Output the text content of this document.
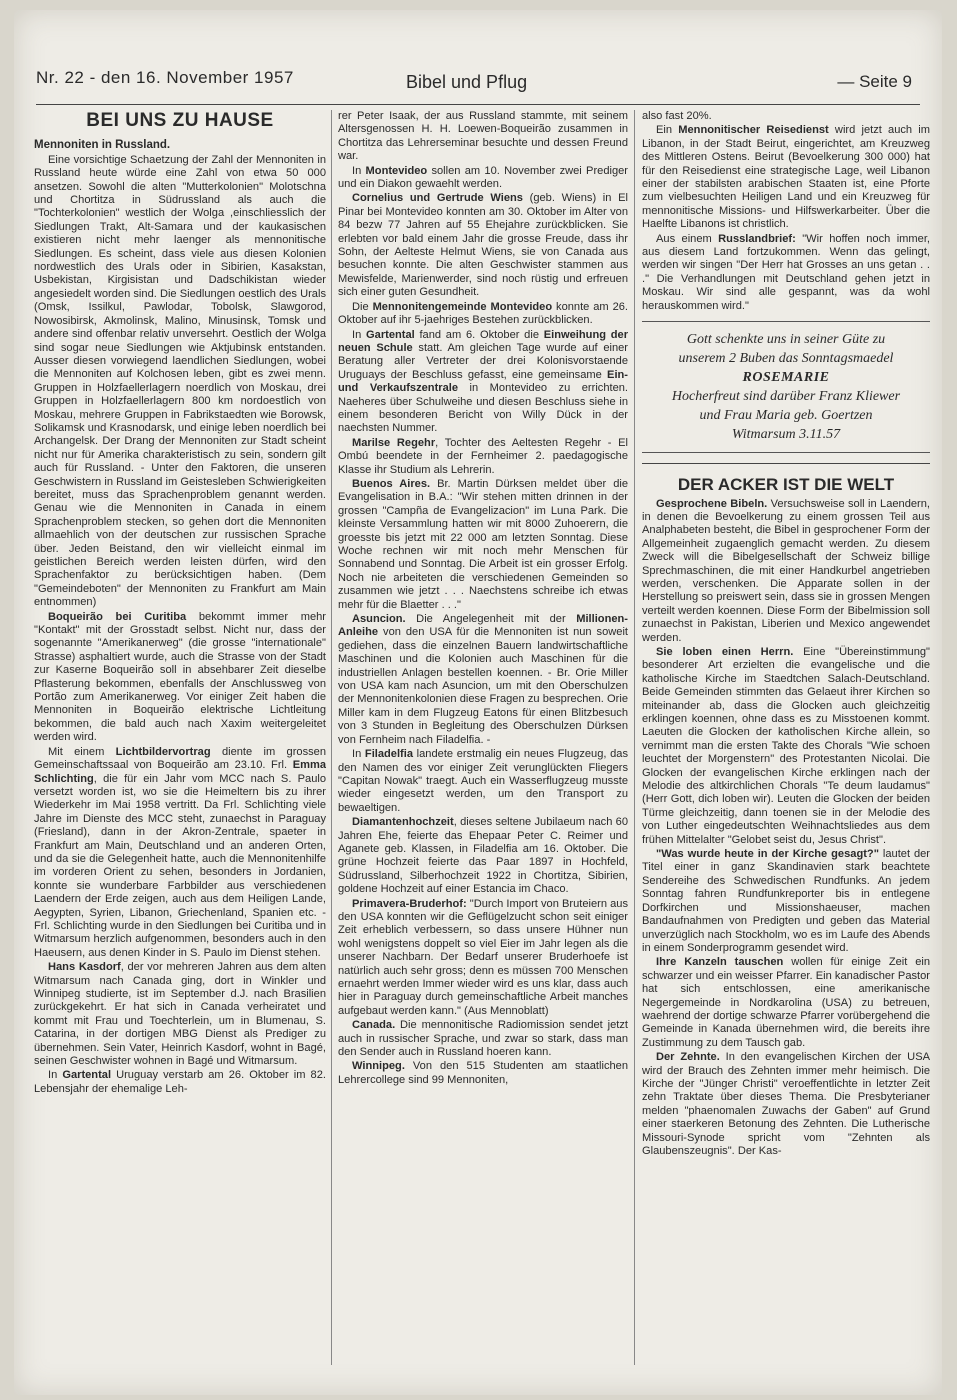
Nr. 22 - den 16. November 1957	Bibel und Pflug	— Seite 9
BEI UNS ZU HAUSE
Mennoniten in Russland.

Eine vorsichtige Schaetzung der Zahl der Mennoniten in Russland heute würde eine Zahl von etwa 50 000 ansetzen. Sowohl die alten "Mutterkolonien" Molotschna und Chortitza in Südrussland als auch die "Tochterkolonien" westlich der Wolga ,einschliesslich der Siedlungen Trakt, Alt-Samara und der kaukasischen existieren nicht mehr laenger als mennonitische Siedlungen. Es scheint, dass viele aus diesen Kolonien nordwestlich des Urals oder in Sibirien, Kasakstan, Usbekistan, Kirgisistan und Dadschikistan wieder angesiedelt worden sind. Die Siedlungen oestlich des Urals (Omsk, Issilkul, Pawlodar, Tobolsk, Slawgorod, Nowosibirsk, Akmolinsk, Malino, Minusinsk, Tomsk und andere sind offenbar relativ unversehrt. Oestlich der Wolga sind sogar neue Siedlungen wie Aktjubinsk entstanden. Ausser diesen vorwiegend laendlichen Siedlungen, wobei die Mennoniten auf Kolchosen leben, gibt es zwei menn. Gruppen in Holzfaellerlagern noerdlich von Moskau, drei Gruppen in Holzfaellerlagern 800 km nordoestlich von Moskau, mehrere Gruppen in Fabrikstaedten wie Borowsk, Solikamsk und Krasnodarsk, und einige leben noerdlich bei Archangelsk. Der Drang der Mennoniten zur Stadt scheint nicht nur für Amerika charakteristisch zu sein, sondern gilt auch für Russland. - Unter den Faktoren, die unseren Geschwistern in Russland im Geistesleben Schwierigkeiten bereitet, muss das Sprachenproblem genannt werden. Genau wie die Mennoniten in Canada in einem Sprachenproblem stecken, so gehen dort die Mennoniten allmaehlich von der deutschen zur russischen Sprache über. Jeden Beistand, den wir vielleicht einmal im geistlichen Bereich werden leisten dürfen, wird den Sprachenfaktor zu berücksichtigen haben. (Dem "Gemeindeboten" der Mennoniten zu Frankfurt am Main entnommen)

Boqueirão bei Curitiba bekommt immer mehr "Kontakt" mit der Grosstadt selbst. Nicht nur, dass der sogenannte "Amerikanerweg" (die grosse "internationale" Strasse) asphaltiert wurde, auch die Strasse von der Stadt zur Kaserne Boqueirão soll in absehbarer Zeit dieselbe Pflasterung bekommen, ebenfalls der Anschlussweg von Portão zum Amerikanerweg. Vor einiger Zeit haben die Mennoniten in Boqueirão elektrische Lichtleitung bekommen, die bald auch nach Xaxim weitergeleitet werden wird.

Mit einem Lichtbildervortrag diente im grossen Gemeinschaftssaal von Boqueirão am 23.10. Frl. Emma Schlichting, die für ein Jahr vom MCC nach S. Paulo versetzt worden ist, wo sie die Heimeltern bis zu ihrer Wiederkehr im Mai 1958 vertritt. Da Frl. Schlichting viele Jahre im Dienste des MCC steht, zunaechst in Paraguay (Friesland), dann in der Akron-Zentrale, spaeter in Frankfurt am Main, Deutschland und an anderen Orten, und da sie die Gelegenheit hatte, auch die Mennonitenhilfe im vorderen Orient zu sehen, besonders in Jordanien, konnte sie wunderbare Farbbilder aus verschiedenen Laendern der Erde zeigen, auch aus dem Heiligen Lande, Aegypten, Syrien, Libanon, Griechenland, Spanien etc. - Frl. Schlichting wurde in den Siedlungen bei Curitiba und in Witmarsum herzlich aufgenommen, besonders auch in den Haeusern, aus denen Kinder in S. Paulo im Dienst stehen.

Hans Kasdorf, der vor mehreren Jahren aus dem alten Witmarsum nach Canada ging, dort in Winkler und Winnipeg studierte, ist im September d.J. nach Brasilien zurückgekehrt. Er hat sich in Canada verheiratet und kommt mit Frau und Toechterlein, um in Blumenau, S. Catarina, in der dortigen MBG Dienst als Prediger zu übernehmen. Sein Vater, Heinrich Kasdorf, wohnt in Bagé, seinen Geschwister wohnen in Bagé und Witmarsum.

In Gartental Uruguay verstarb am 26. Oktober im 82. Lebensjahr der ehemalige Leh-

rer Peter Isaak, der aus Russland stammte, mit seinem Altersgenossen H. H. Loewen-Boqueirão zusammen in Chortitza das Lehrerseminar besuchte und dessen Freund war.

In Montevideo sollen am 10. November zwei Prediger und ein Diakon gewaehlt werden.

Cornelius und Gertrude Wiens (geb. Wiens) in El Pinar bei Montevideo konnten am 30. Oktober im Alter von 84 bezw 77 Jahren auf 55 Ehejahre zurückblicken. Sie erlebten vor bald einem Jahr die grosse Freude, dass ihr Sohn, der Aelteste Helmut Wiens, sie von Canada aus besuchen konnte. Die alten Geschwister stammen aus Mewisfelde, Marienwerder, sind noch rüstig und erfreuen sich einer guten Gesundheit.

Die Mennonitengemeinde Montevideo konnte am 26. Oktober auf ihr 5-jaehriges Bestehen zurückblicken.

In Gartental fand am 6. Oktober die Einweihung der neuen Schule statt. Am gleichen Tage wurde auf einer Beratung aller Vertreter der drei Kolonisvorstaende Uruguays der Beschluss gefasst, eine gemeinsame Ein- und Verkaufszentrale in Montevideo zu errichten. Naeheres über Schulweihe und diesen Beschluss siehe in einem besonderen Bericht von Willy Dück in der naechsten Nummer.

Marilse Regehr, Tochter des Aeltesten Regehr - El Ombú beendete in der Fernheimer 2. paedagogische Klasse ihr Studium als Lehrerin.

Buenos Aires. Br. Martin Dürksen meldet über die Evangelisation in B.A.: "Wir stehen mitten drinnen in der grossen "Campña de Evangelizacion" im Luna Park. Die kleinste Versammlung hatten wir mit 8000 Zuhoerern, die groesste bis jetzt mit 22 000 am letzten Sonntag. Diese Woche rechnen wir mit noch mehr Menschen für Sonnabend und Sonntag. Die Arbeit ist ein grosser Erfolg. Noch nie arbeiteten die verschiedenen Gemeinden so zusammen wie jetzt . . . Naechstens schreibe ich etwas mehr für die Blaetter . . ."

Asuncion. Die Angelegenheit mit der Millionen-Anleihe von den USA für die Mennoniten ist nun soweit gediehen, dass die einzelnen Bauern landwirtschaftliche Maschinen und die Kolonien auch Maschinen für die industriellen Anlagen bestellen koennen. - Br. Orie Miller von USA kam nach Asuncion, um mit den Oberschulzen der Mennonitenkolonien diese Fragen zu besprechen. Orie Miller kam in dem Flugzeug Eatons für einen Blitzbesuch von 3 Stunden in Begleitung des Oberschulzen Dürksen von Fernheim nach Filadelfia. -

In Filadelfia landete erstmalig ein neues Flugzeug, das den Namen des vor einiger Zeit verunglückten Fliegers "Capitan Nowak" traegt. Auch ein Wasserflugzeug musste wieder eingesetzt werden, um den Transport zu bewaeltigen.

Diamantenhochzeit, dieses seltene Jubilaeum nach 60 Jahren Ehe, feierte das Ehepaar Peter C. Reimer und Aganete geb. Klassen, in Filadelfia am 16. Oktober. Die grüne Hochzeit feierte das Paar 1897 in Hochfeld, Südrussland, Silberhochzeit 1922 in Chortitza, Sibirien, goldene Hochzeit auf einer Estancia im Chaco.

Primavera-Bruderhof: "Durch Import von Bruteiern aus den USA konnten wir die Geflügelzucht schon seit einiger Zeit erheblich verbessern, so dass unsere Hühner nun wohl wenigstens doppelt so viel Eier im Jahr legen als die unserer Nachbarn. Der Bedarf unserer Bruderhoefe ist natürlich auch sehr gross; denn es müssen 700 Menschen ernaehrt werden Immer wieder wird es uns klar, dass auch hier in Paraguay durch gemeinschaftliche Arbeit manches aufgebaut werden kann." (Aus Mennoblatt)

Canada. Die mennonitische Radiomission sendet jetzt auch in russischer Sprache, und zwar so stark, dass man den Sender auch in Russland hoeren kann.

Winnipeg. Von den 515 Studenten am staatlichen Lehrercollege sind 99 Mennoniten,

also fast 20%.

Ein Mennonitischer Reisedienst wird jetzt auch im Libanon, in der Stadt Beirut, eingerichtet, am Kreuzweg des Mittleren Ostens. Beirut (Bevoelkerung 300 000) hat für den Reisedienst eine strategische Lage, weil Libanon einer der stabilsten arabischen Staaten ist, eine Pforte zum vielbesuchten Heiligen Land und ein Kreuzweg für mennonitische Missions- und Hilfswerkarbeiter. Über die Haelfte Libanons ist christlich.

Aus einem Russlandbrief: "Wir hoffen noch immer, aus diesem Land fortzukommen. Wenn das gelingt, werden wir singen "Der Herr hat Grosses an uns getan . . ." Die Verhandlungen mit Deutschland gehen jetzt in Moskau. Wir sind alle gespannt, was da wohl herauskommen wird."

Gott schenkte uns in seiner Güte zu
unserem 2 Buben das Sonntagsmaedel
ROSEMARIE
Hocherfreut sind darüber Franz Kliewer
und Frau Maria geb. Goertzen
Witmarsum 3.11.57
DER ACKER IST DIE WELT

Gesprochene Bibeln. Versuchsweise soll in Laendern, in denen die Bevoelkerung zu einem grossen Teil aus Analphabeten besteht, die Bibel in gesprochener Form der Allgemeinheit zugaenglich gemacht werden. Zu diesem Zweck will die Bibelgesellschaft der Schweiz billige Sprechmaschinen, die mit einer Handkurbel angetrieben werden, verschenken. Die Apparate sollen in der Herstellung so preiswert sein, dass sie in grossen Mengen verteilt werden koennen. Diese Form der Bibelmission soll zunaechst in Pakistan, Liberien und Mexico angewendet werden.

Sie loben einen Herrn. Eine "Übereinstimmung" besonderer Art erzielten die evangelische und die katholische Kirche im Staedtchen Salach-Deutschland. Beide Gemeinden stimmten das Gelaeut ihrer Kirchen so miteinander ab, dass die Glocken auch gleichzeitig erklingen koennen, ohne dass es zu Misstoenen kommt. Laeuten die Glocken der katholischen Kirche allein, so vernimmt man die ersten Takte des Chorals "Wie schoen leuchtet der Morgenstern" des Protestanten Nicolai. Die Glocken der evangelischen Kirche erklingen nach der Melodie des altkirchlichen Chorals "Te deum laudamus" (Herr Gott, dich loben wir). Leuten die Glocken der beiden Türme gleichzeitig, dann toenen sie in der Melodie des von Luther eingedeutschten Weihnachtsliedes aus dem frühen Mittelalter "Gelobet seist du, Jesus Christ".

"Was wurde heute in der Kirche gesagt?" lautet der Titel einer in ganz Skandinavien stark beachtete Sendereihe des Schwedischen Rundfunks. An jedem Sonntag fahren Rundfunkreporter bis in entlegene Dorfkirchen und Missionshaeuser, machen Bandaufnahmen von Predigten und geben das Material unverzüglich nach Stockholm, wo es im Laufe des Abends in einem Sonderprogramm gesendet wird.

Ihre Kanzeln tauschen wollen für einige Zeit ein schwarzer und ein weisser Pfarrer. Ein kanadischer Pastor hat sich entschlossen, eine amerikanische Negergemeinde in Nordkarolina (USA) zu betreuen, waehrend der dortige schwarze Pfarrer vorübergehend die Gemeinde in Kanada übernehmen wird, die bereits ihre Zustimmung zu dem Tausch gab.

Der Zehnte. In den evangelischen Kirchen der USA wird der Brauch des Zehnten immer mehr heimisch. Die Kirche der "Jünger Christi" veroeffentlichte in letzter Zeit zehn Traktate über dieses Thema. Die Presbyterianer melden "phaenomalen Zuwachs der Gaben" auf Grund einer staerkeren Betonung des Zehnten. Die Lutherische Missouri-Synode spricht vom "Zehnten als Glaubenszeugnis". Der Kas-
